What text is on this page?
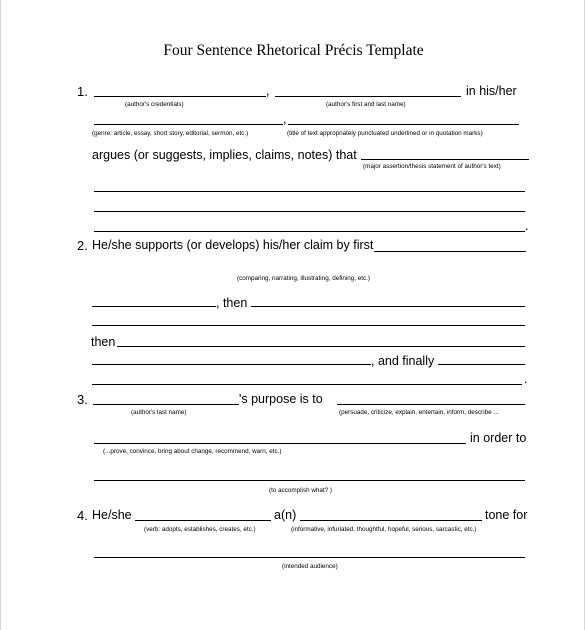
Four Sentence Rhetorical Précis Template
1.	,	in his/her
(author's credentials)	(author's first and last name)
,
(genre: article, essay, short story, editorial, sermon, etc.)	(title of text appropriately punctuated underlined or in quotation marks)
argues (or suggests, implies, claims, notes) that
(major assertion/thesis statement of author's text)
.
2. He/she supports (or develops) his/her claim by first
(comparing, narrating, illustrating, defining, etc.)
, then
then
, and finally
.
3.	's purpose is to
(author's last name)	(persuade, criticize, explain, entertain, inform, describe ...
in order to
(...prove, convince, bring about change, recommend, warn, etc.)
(to accomplish what? )
4. He/she	a(n)	tone for
(verb: adopts, establishes, creates, etc.)	(informative, infuriated, thoughtful, hopeful, serious, sarcastic, etc.)
(intended audience)
